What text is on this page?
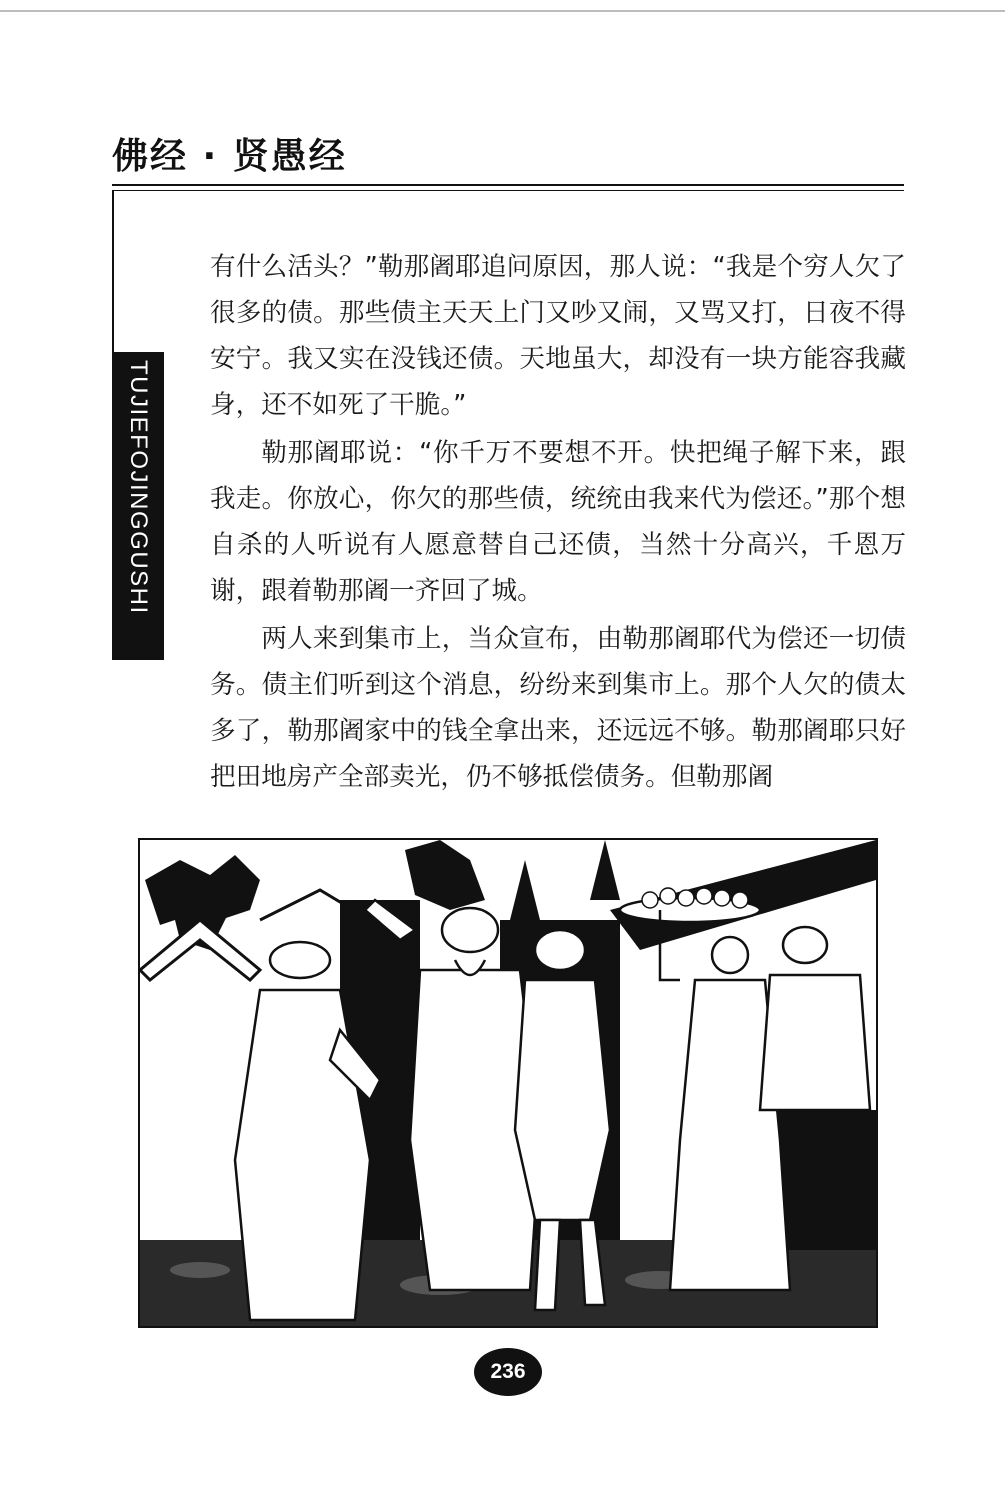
佛经 · 贤愚经
TUJIEFOJINGGUSHI

有什么活头？”勒那阇耶追问原因，那人说：“我是个穷人欠了很多的债。那些债主天天上门又吵又闹，又骂又打，日夜不得安宁。我又实在没钱还债。天地虽大，却没有一块方能容我藏身，还不如死了干脆。”

勒那阇耶说：“你千万不要想不开。快把绳子解下来，跟我走。你放心，你欠的那些债，统统由我来代为偿还。”那个想自杀的人听说有人愿意替自己还债，当然十分高兴，千恩万谢，跟着勒那阇一齐回了城。

两人来到集市上，当众宣布，由勒那阇耶代为偿还一切债务。债主们听到这个消息，纷纷来到集市上。那个人欠的债太多了，勒那阇家中的钱全拿出来，还远远不够。勒那阇耶只好把田地房产全部卖光，仍不够抵偿债务。但勒那阇

236
